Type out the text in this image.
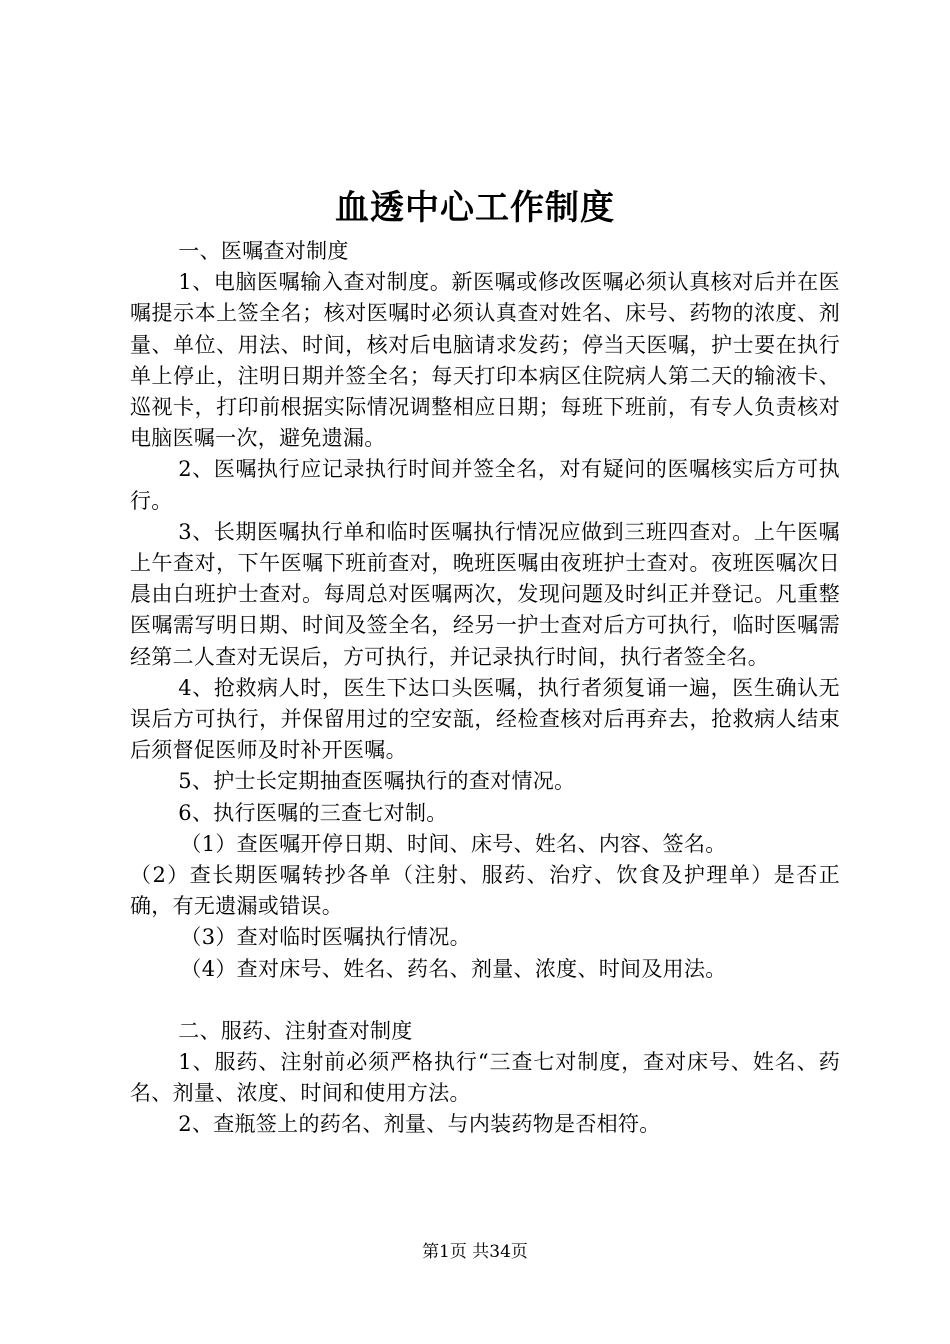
血透中心工作制度

一、医嘱查对制度

1、电脑医嘱输入查对制度。新医嘱或修改医嘱必须认真核对后并在医嘱提示本上签全名；核对医嘱时必须认真查对姓名、床号、药物的浓度、剂量、单位、用法、时间，核对后电脑请求发药；停当天医嘱，护士要在执行单上停止，注明日期并签全名；每天打印本病区住院病人第二天的输液卡、巡视卡，打印前根据实际情况调整相应日期；每班下班前，有专人负责核对电脑医嘱一次，避免遗漏。

2、医嘱执行应记录执行时间并签全名，对有疑问的医嘱核实后方可执行。

3、长期医嘱执行单和临时医嘱执行情况应做到三班四查对。上午医嘱上午查对，下午医嘱下班前查对，晚班医嘱由夜班护士查对。夜班医嘱次日晨由白班护士查对。每周总对医嘱两次，发现问题及时纠正并登记。凡重整医嘱需写明日期、时间及签全名，经另一护士查对后方可执行，临时医嘱需经第二人查对无误后，方可执行，并记录执行时间，执行者签全名。

4、抢救病人时，医生下达口头医嘱，执行者须复诵一遍，医生确认无误后方可执行，并保留用过的空安瓿，经检查核对后再弃去，抢救病人结束后须督促医师及时补开医嘱。

5、护士长定期抽查医嘱执行的查对情况。

6、执行医嘱的三查七对制。

（1）查医嘱开停日期、时间、床号、姓名、内容、签名。

（2）查长期医嘱转抄各单（注射、服药、治疗、饮食及护理单）是否正确，有无遗漏或错误。

（3）查对临时医嘱执行情况。

（4）查对床号、姓名、药名、剂量、浓度、时间及用法。

二、服药、注射查对制度

1、服药、注射前必须严格执行“三查七对制度，查对床号、姓名、药名、剂量、浓度、时间和使用方法。

2、查瓶签上的药名、剂量、与内装药物是否相符。

第1页 共34页
